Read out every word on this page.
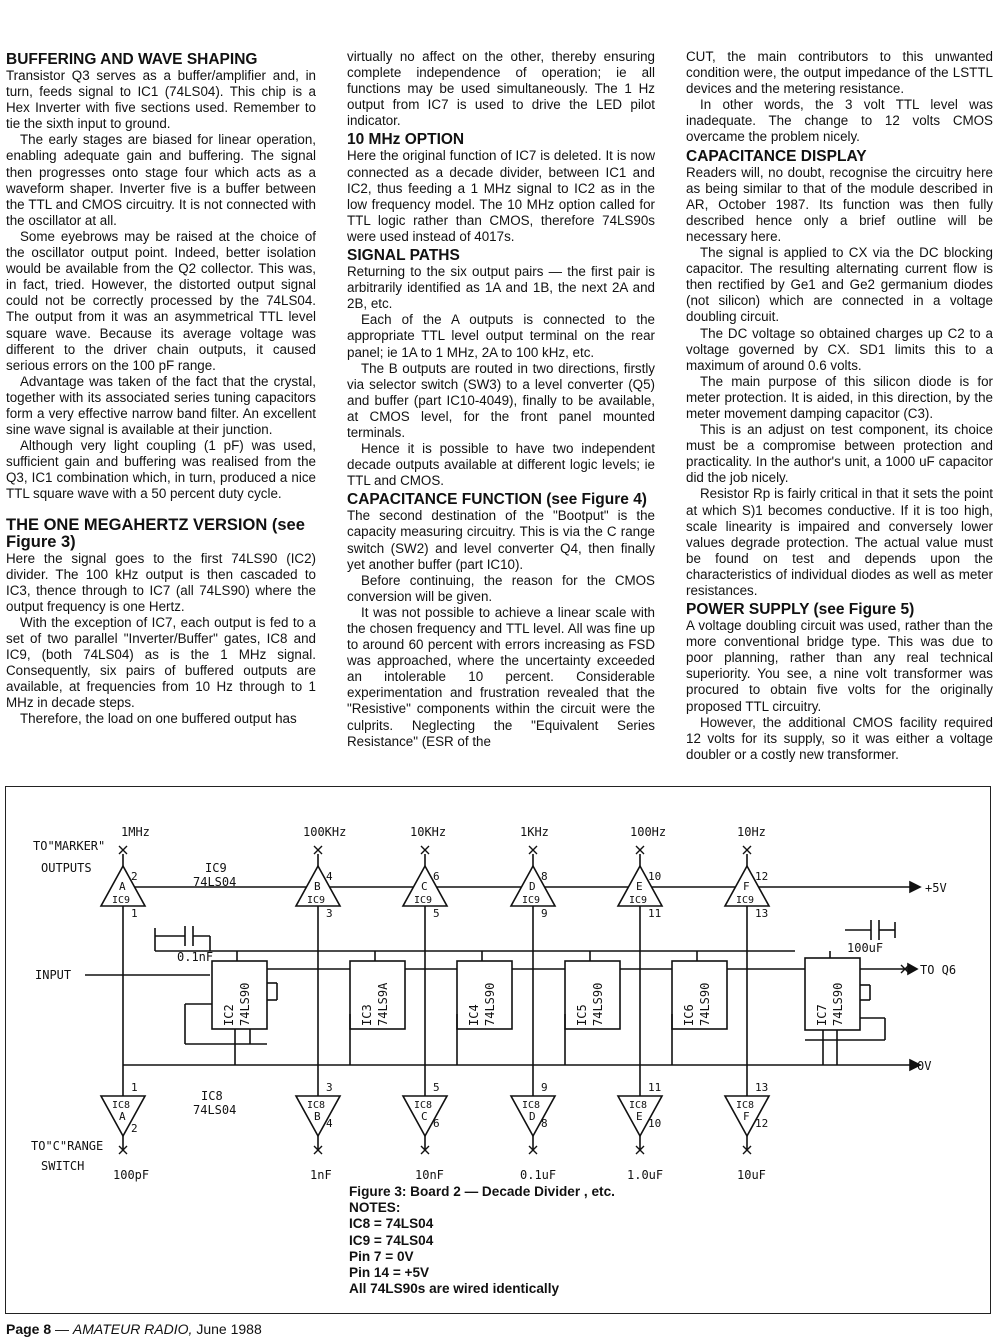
BUFFERING AND WAVE SHAPING

Transistor Q3 serves as a buffer/amplifier and, in turn, feeds signal to IC1 (74LS04). This chip is a Hex Inverter with five sections used. Remember to tie the sixth input to ground.

The early stages are biased for linear operation, enabling adequate gain and buffering. The signal then progresses onto stage four which acts as a waveform shaper. Inverter five is a buffer between the TTL and CMOS circuitry. It is not connected with the oscillator at all.

Some eyebrows may be raised at the choice of the oscillator output point. Indeed, better isolation would be available from the Q2 collector. This was, in fact, tried. However, the distorted output signal could not be correctly processed by the 74LS04. The output from it was an asymmetrical TTL level square wave. Because its average voltage was different to the driver chain outputs, it caused serious errors on the 100 pF range.

Advantage was taken of the fact that the crystal, together with its associated series tuning capacitors form a very effective narrow band filter. An excellent sine wave signal is available at their junction.

Although very light coupling (1 pF) was used, sufficient gain and buffering was realised from the Q3, IC1 combination which, in turn, produced a nice TTL square wave with a 50 percent duty cycle.

THE ONE MEGAHERTZ VERSION (see Figure 3)

Here the signal goes to the first 74LS90 (IC2) divider. The 100 kHz output is then cascaded to IC3, thence through to IC7 (all 74LS90) where the output frequency is one Hertz.

With the exception of IC7, each output is fed to a set of two parallel "Inverter/Buffer" gates, IC8 and IC9, (both 74LS04) as is the 1 MHz signal. Consequently, six pairs of buffered outputs are available, at frequencies from 10 Hz through to 1 MHz in decade steps.

Therefore, the load on one buffered output has

virtually no affect on the other, thereby ensuring complete independence of operation; ie all functions may be used simultaneously. The 1 Hz output from IC7 is used to drive the LED pilot indicator.

10 MHz OPTION

Here the original function of IC7 is deleted. It is now connected as a decade divider, between IC1 and IC2, thus feeding a 1 MHz signal to IC2 as in the low frequency model. The 10 MHz option called for TTL logic rather than CMOS, therefore 74LS90s were used instead of 4017s.

SIGNAL PATHS

Returning to the six output pairs — the first pair is arbitrarily identified as 1A and 1B, the next 2A and 2B, etc.

Each of the A outputs is connected to the appropriate TTL level output terminal on the rear panel; ie 1A to 1 MHz, 2A to 100 kHz, etc.

The B outputs are routed in two directions, firstly via selector switch (SW3) to a level converter (Q5) and buffer (part IC10-4049), finally to be available, at CMOS level, for the front panel mounted terminals.

Hence it is possible to have two independent decade outputs available at different logic levels; ie TTL and CMOS.

CAPACITANCE FUNCTION (see Figure 4)

The second destination of the "Bootput" is the capacity measuring circuitry. This is via the C range switch (SW2) and level converter Q4, then finally yet another buffer (part IC10).

Before continuing, the reason for the CMOS conversion will be given.

It was not possible to achieve a linear scale with the chosen frequency and TTL level. All was fine up to around 60 percent with errors increasing as FSD was approached, where the uncertainty exceeded an intolerable 10 percent. Considerable experimentation and frustration revealed that the "Resistive" components within the circuit were the culprits. Neglecting the "Equivalent Series Resistance" (ESR of the

CUT, the main contributors to this unwanted condition were, the output impedance of the LSTTL devices and the metering resistance.

In other words, the 3 volt TTL level was inadequate. The change to 12 volts CMOS overcame the problem nicely.

CAPACITANCE DISPLAY

Readers will, no doubt, recognise the circuitry here as being similar to that of the module described in AR, October 1987. Its function was then fully described hence only a brief outline will be necessary here.

The signal is applied to CX via the DC blocking capacitor. The resulting alternating current flow is then rectified by Ge1 and Ge2 germanium diodes (not silicon) which are connected in a voltage doubling circuit.

The DC voltage so obtained charges up C2 to a voltage governed by CX. SD1 limits this to a maximum of around 0.6 volts.

The main purpose of this silicon diode is for meter protection. It is aided, in this direction, by the meter movement damping capacitor (C3).

This is an adjust on test component, its choice must be a compromise between protection and practicality. In the author's unit, a 1000 uF capacitor did the job nicely.

Resistor Rp is fairly critical in that it sets the point at which S)1 becomes conductive. If it is too high, scale linearity is impaired and conversely lower values degrade protection. The actual value must be found on test and depends upon the characteristics of individual diodes as well as meter resistances.

POWER SUPPLY (see Figure 5)

A voltage doubling circuit was used, rather than the more conventional bridge type. This was due to poor planning, rather than any real technical superiority. You see, a nine volt transformer was procured to obtain five volts for the originally proposed TTL circuitry.

However, the additional CMOS facility required 12 volts for its supply, so it was either a voltage doubler or a costly new transformer.

1MHz	100KHz	10KHz	1KHz	100Hz	10Hz
100pF	1nF	10nF	0.1uF	1.0uF	10uF
TO"MARKER"
OUTPUTS	IC9
74LS04
IC8
74LS04
INPUT
+5V
0V
TO Q6
0.1nF
100uF
TO"C"RANGE
SWITCH
A
IC9
B
IC9
C
IC9
D
IC9
E
IC9
F
IC9
IC8
A
IC8
B
IC8
C
IC8
D
IC8
E
IC8
F
2
1
4
3
6
5
8
9
10
11
12
13
1
2
3
4
5
6
9
8
11
10
13
12
IC2 74LS90	IC3 74LS9A	IC4 74LS90	IC5 74LS90	IC6 74LS90	IC7 74LS90
Figure 3: Board 2 — Decade Divider , etc.
NOTES:
IC8 = 74LS04
IC9 = 74LS04
Pin 7 = 0V
Pin 14 = +5V
All 74LS90s are wired identically
Page 8 — AMATEUR RADIO, June 1988
